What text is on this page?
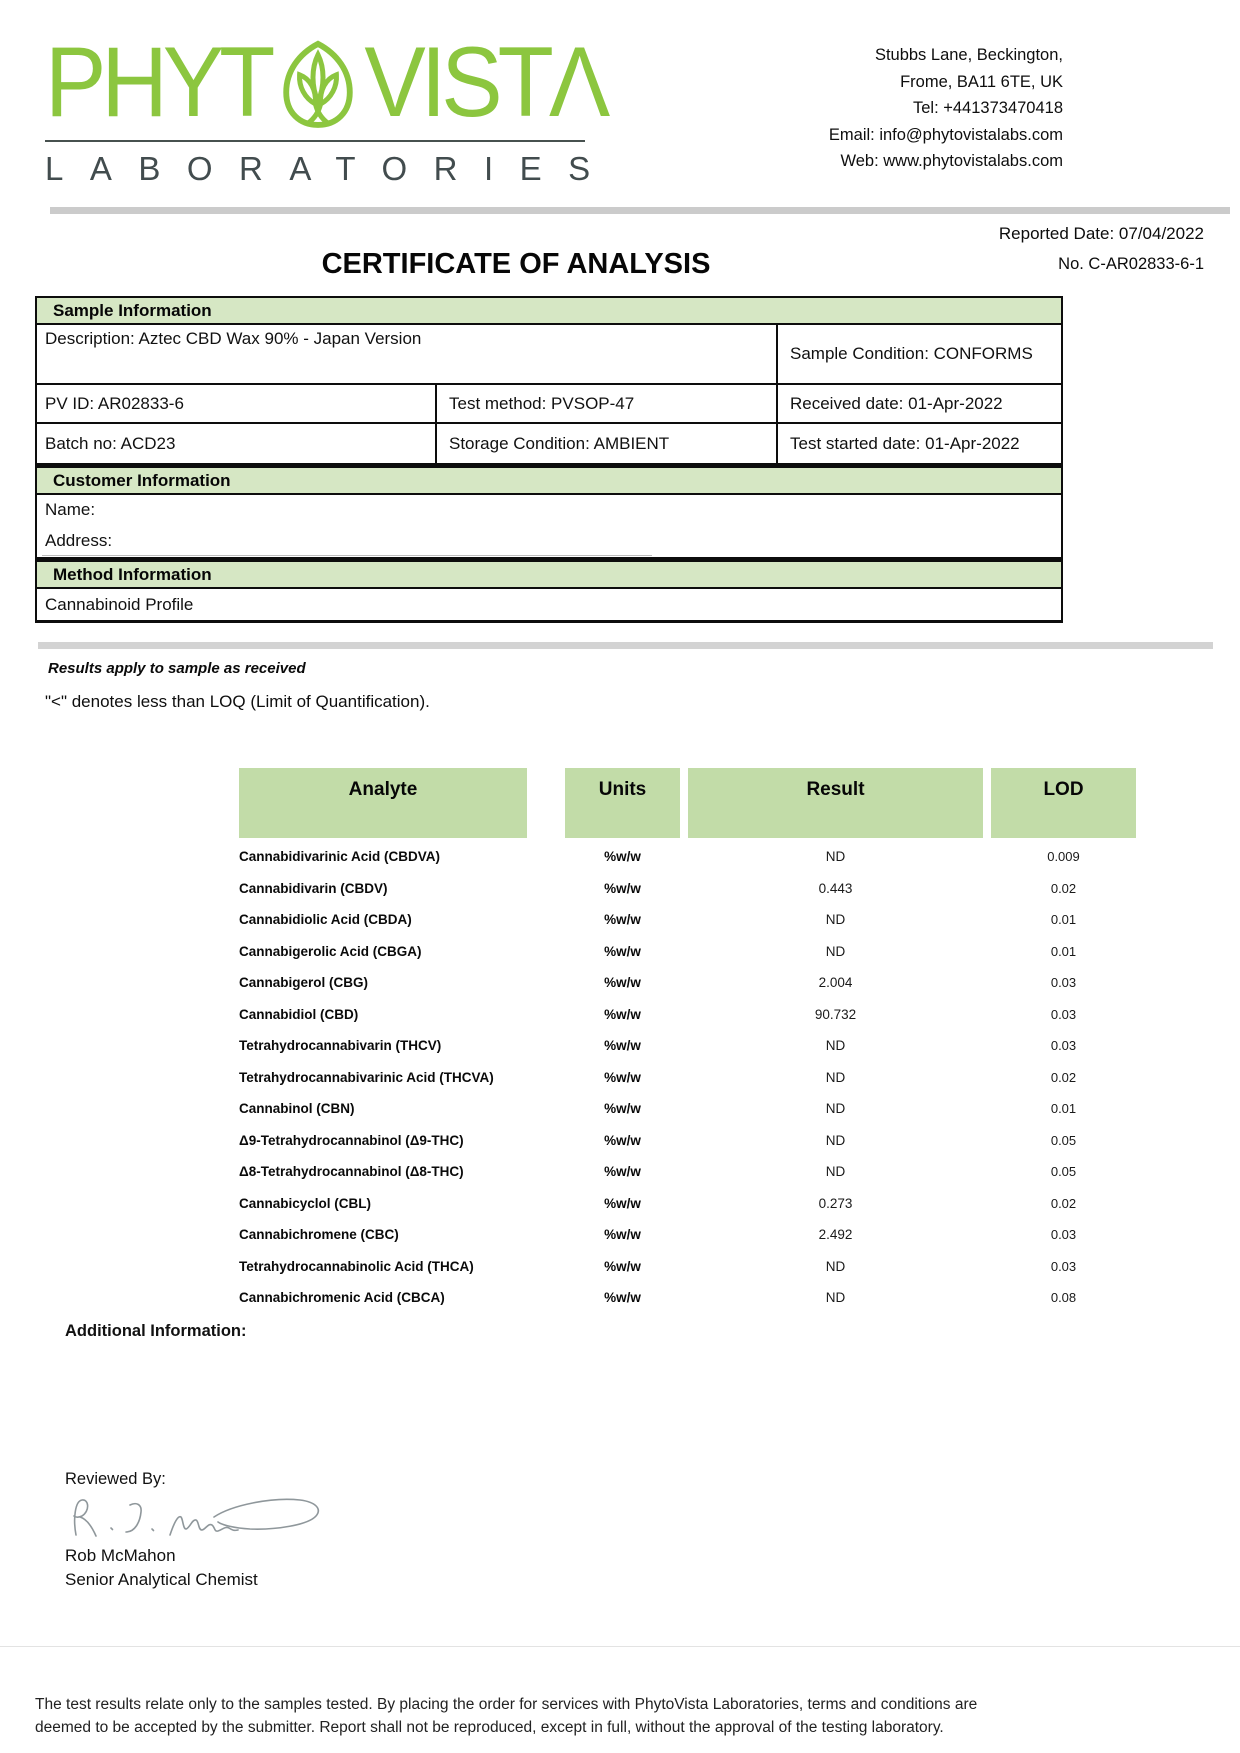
PHYT VISTΛ
LABORATORIES
Stubbs Lane, Beckington,
Frome, BA11 6TE, UK
Tel: +441373470418
Email: info@phytovistalabs.com
Web: www.phytovistalabs.com
Reported Date: 07/04/2022
CERTIFICATE OF ANALYSIS	No. C-AR02833-6-1
Sample Information
Description: Aztec CBD Wax 90% - Japan Version
Sample Condition: CONFORMS
PV ID: AR02833-6	Test method: PVSOP-47	Received date: 01-Apr-2022
Batch no: ACD23	Storage Condition: AMBIENT	Test started date: 01-Apr-2022
Customer Information
Name:
Address:
Method Information
Cannabinoid Profile
Results apply to sample as received
"<" denotes less than LOQ (Limit of Quantification).
Analyte	Units	Result	LOD
Cannabidivarinic Acid (CBDVA)	%w/w	ND	0.009
Cannabidivarin (CBDV)	%w/w	0.443	0.02
Cannabidiolic Acid (CBDA)	%w/w	ND	0.01
Cannabigerolic Acid (CBGA)	%w/w	ND	0.01
Cannabigerol (CBG)	%w/w	2.004	0.03
Cannabidiol (CBD)	%w/w	90.732	0.03
Tetrahydrocannabivarin (THCV)	%w/w	ND	0.03
Tetrahydrocannabivarinic Acid (THCVA)	%w/w	ND	0.02
Cannabinol (CBN)	%w/w	ND	0.01
Δ9-Tetrahydrocannabinol (Δ9-THC)	%w/w	ND	0.05
Δ8-Tetrahydrocannabinol (Δ8-THC)	%w/w	ND	0.05
Cannabicyclol (CBL)	%w/w	0.273	0.02
Cannabichromene (CBC)	%w/w	2.492	0.03
Tetrahydrocannabinolic Acid (THCA)	%w/w	ND	0.03
Cannabichromenic Acid (CBCA)	%w/w	ND	0.08
Additional Information:
Reviewed By:
Rob McMahon
Senior Analytical Chemist
The test results relate only to the samples tested. By placing the order for services with PhytoVista Laboratories, terms and conditions are
deemed to be accepted by the submitter. Report shall not be reproduced, except in full, without the approval of the testing laboratory.
